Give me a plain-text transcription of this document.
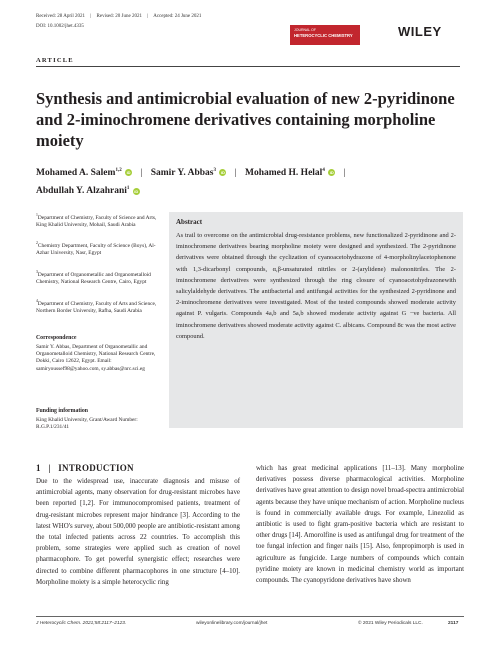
Received: 28 April 2021 | Revised: 20 June 2021 | Accepted: 24 June 2021
DOI: 10.1002/jhet.4335
JOURNAL OF
HETEROCYCLIC CHEMISTRY	WILEY
ARTICLE
Synthesis and antimicrobial evaluation of new 2-pyridinone and 2-iminochromene derivatives containing morpholine moiety
Mohamed A. Salem$^{1,2}$ iD | Samir Y. Abbas$^3$ iD | Mohamed H. Helal$^4$ iD |
Abdullah Y. Alzahrani$^1$ iD
$^1$Department of Chemistry, Faculty of Science and Arts, King Khalid University, Mohail, Saudi Arabia
$^2$Chemistry Department, Faculty of Science (Boys), Al-Azhar University, Nasr, Egypt
$^3$Department of Organometallic and Organometalloid Chemistry, National Research Centre, Cairo, Egypt
$^4$Department of Chemistry, Faculty of Arts and Science, Northern Border University, Rafha, Saudi Arabia
Correspondence
Samir Y. Abbas, Department of Organometallic and Organometalloid Chemistry, National Research Centre, Dokki, Cairo 12622, Egypt. Email: samiryoussef98@yahoo.com, sy.abbas@nrc.sci.eg
Funding information
King Khalid University, Grant/Award Number: R.G.P.1/231/41
Abstract
As trail to overcome on the antimicrobial drug-resistance problems, new functionalized 2-pyridinone and 2-iminochromene derivatives bearing morpholine moiety were designed and synthesized. The 2-pyridinone derivatives were obtained through the cyclization of cyanoacetohydrazone of 4-morpholinylacetophenone with 1,3-dicarbonyl compounds, α,β-unsaturated nitriles or 2-(arylidene) malononitriles. The 2-iminochromene derivatives were synthesized through the ring closure of cyanoacetohydrazonewith salicylaldehyde derivatives. The antibacterial and antifungal activities for the synthesized 2-pyridinone and 2-iminochromene derivatives were investigated. Most of the tested compounds showed moderate activity against P. vulgaris. Compounds 4a,b and 5a,b showed moderate activity against G −ve bacteria. All iminochromene derivatives showed moderate activity against C. albicans. Compound 8c was the most active compound.
1 | INTRODUCTION
Due to the widespread use, inaccurate diagnosis and misuse of antimicrobial agents, many observation for drug-resistant microbes have been reported [1,2]. For immunocompromised patients, treatment of drug-resistant microbes represent major hindrance [3]. According to the latest WHO's survey, about 500,000 people are antibiotic-resistant among the total infected patients across 22 countries. To accomplish this problem, some strategies were applied such as creation of novel pharmacophore. To get powerful synergistic effect; researches were directed to combine different pharmacophores in one structure [4–10]. Morpholine moiety is a simple heterocyclic ring
which has great medicinal applications [11–13]. Many morpholine derivatives possess diverse pharmacological activities. Morpholine derivatives have great attention to design novel broad-spectra antimicrobial agents because they have unique mechanism of action. Morpholine nucleus is found in commercially available drugs. For example, Linezolid as antibiotic is used to fight gram-positive bacteria which are resistant to other drugs [14]. Amorolfine is used as antifungal drug for treatment of the toe fungal infection and finger nails [15]. Also, fenpropimorph is used in agriculture as fungicide. Large numbers of compounds which contain pyridine moiety are known in medicinal chemistry world as important compounds. The cyanopyridone derivatives have shown
J Heterocyclic Chem. 2021;58:2117–2123.	wileyonlinelibrary.com/journal/jhet	© 2021 Wiley Periodicals LLC.	2117
